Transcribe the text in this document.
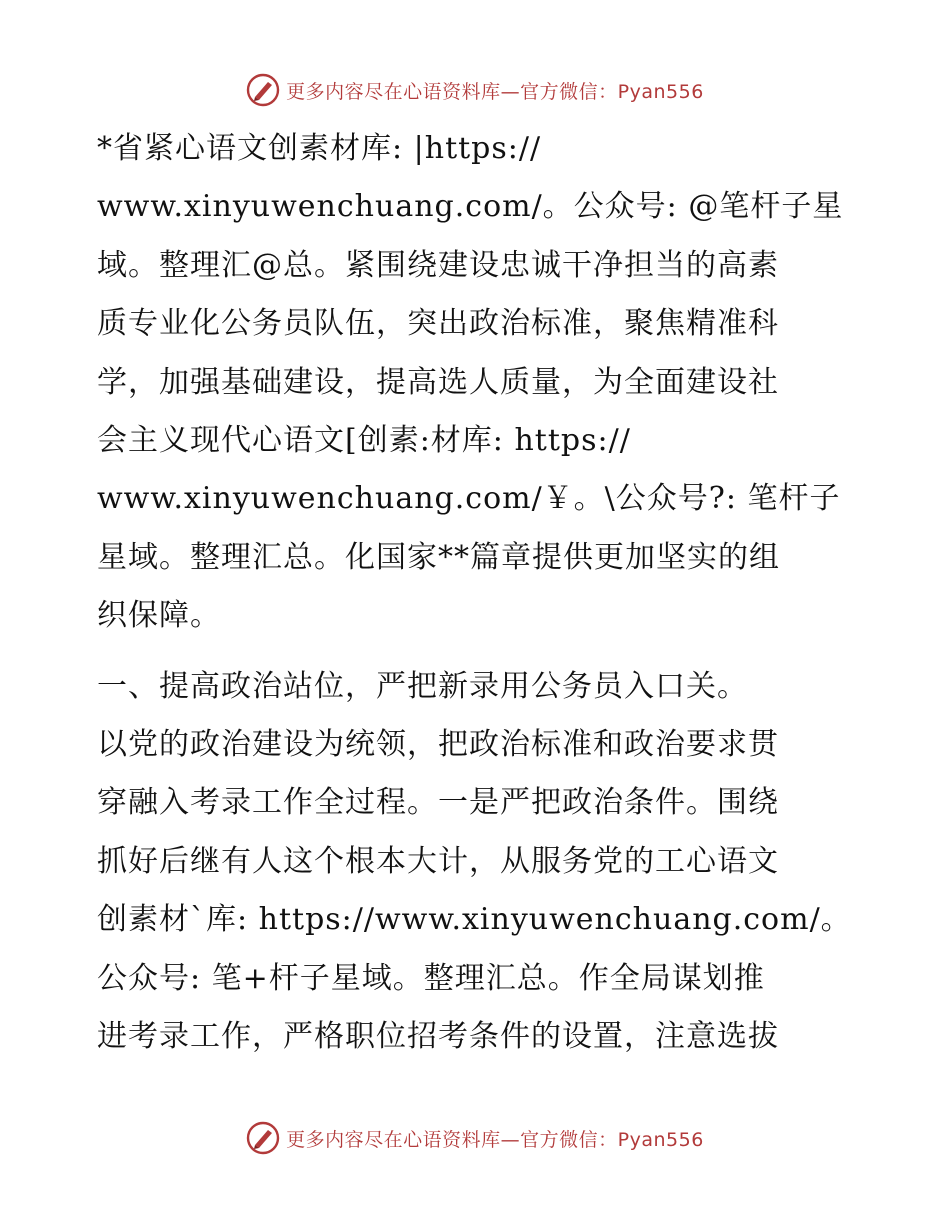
更多内容尽在心语资料库—官方微信：Pyan556

*省紧心语文创素材库: |https://
www.xinyuwenchuang.com/。公众号: @笔杆子星
域。整理汇@总。紧围绕建设忠诚干净担当的高素
质专业化公务员队伍，突出政治标准，聚焦精准科
学，加强基础建设，提高选人质量，为全面建设社
会主义现代心语文[创素:材库: https://
www.xinyuwenchuang.com/￥。\公众号?: 笔杆子
星域。整理汇总。化国家**篇章提供更加坚实的组
织保障。

一、提高政治站位，严把新录用公务员入口关。
以党的政治建设为统领，把政治标准和政治要求贯
穿融入考录工作全过程。一是严把政治条件。围绕
抓好后继有人这个根本大计，从服务党的工心语文
创素材`库: https://www.xinyuwenchuang.com/。
公众号: 笔+杆子星域。整理汇总。作全局谋划推
进考录工作，严格职位招考条件的设置，注意选拔

更多内容尽在心语资料库—官方微信：Pyan556
